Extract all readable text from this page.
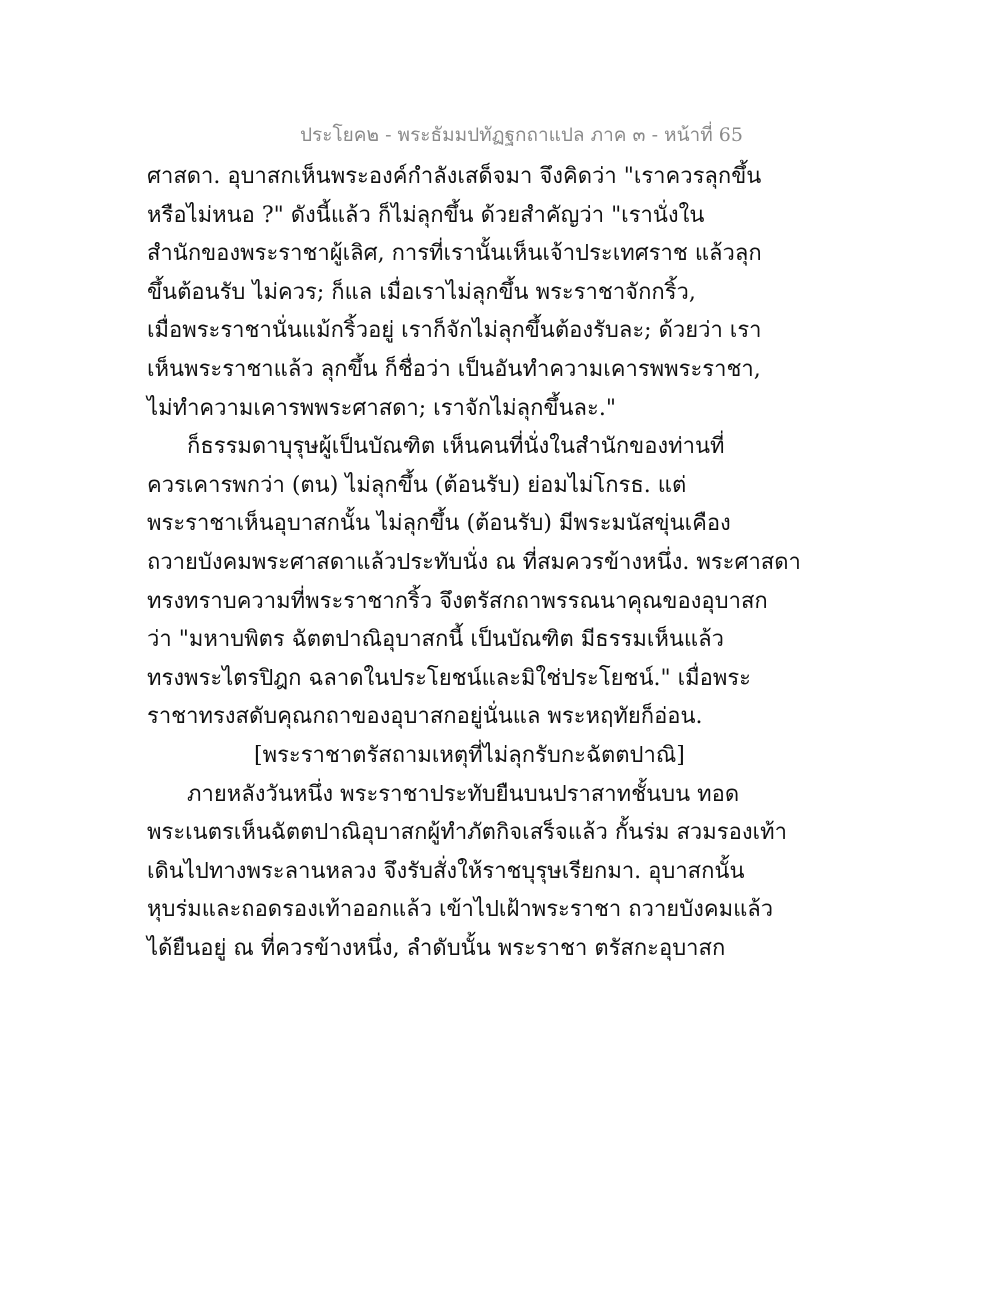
ประโยค๒ - พระธัมมปทัฏฐกถาแปล ภาค ๓ - หน้าที่ 65
ศาสดา. อุบาสกเห็นพระองค์กำลังเสด็จมา จึงคิดว่า "เราควรลุกขึ้น
หรือไม่หนอ ?" ดังนี้แล้ว ก็ไม่ลุกขึ้น ด้วยสำคัญว่า "เรานั่งใน
สำนักของพระราชาผู้เลิศ, การที่เรานั้นเห็นเจ้าประเทศราช แล้วลุก
ขึ้นต้อนรับ ไม่ควร; ก็แล เมื่อเราไม่ลุกขึ้น พระราชาจักกริ้ว,
เมื่อพระราชานั่นแม้กริ้วอยู่ เราก็จักไม่ลุกขึ้นต้องรับละ; ด้วยว่า เรา
เห็นพระราชาแล้ว ลุกขึ้น ก็ชื่อว่า เป็นอันทำความเคารพพระราชา,
ไม่ทำความเคารพพระศาสดา; เราจักไม่ลุกขึ้นละ."
ก็ธรรมดาบุรุษผู้เป็นบัณฑิต เห็นคนที่นั่งในสำนักของท่านที่
ควรเคารพกว่า (ตน) ไม่ลุกขึ้น (ต้อนรับ) ย่อมไม่โกรธ. แต่
พระราชาเห็นอุบาสกนั้น ไม่ลุกขึ้น (ต้อนรับ) มีพระมนัสขุ่นเคือง
ถวายบังคมพระศาสดาแล้วประทับนั่ง ณ ที่สมควรข้างหนึ่ง. พระศาสดา
ทรงทราบความที่พระราชากริ้ว จึงตรัสกถาพรรณนาคุณของอุบาสก
ว่า "มหาบพิตร ฉัตตปาณิอุบาสกนี้ เป็นบัณฑิต มีธรรมเห็นแล้ว
ทรงพระไตรปิฎก ฉลาดในประโยชน์และมิใช่ประโยชน์." เมื่อพระ
ราชาทรงสดับคุณกถาของอุบาสกอยู่นั่นแล พระหฤทัยก็อ่อน.
[พระราชาตรัสถามเหตุที่ไม่ลุกรับกะฉัตตปาณิ]
ภายหลังวันหนึ่ง พระราชาประทับยืนบนปราสาทชั้นบน ทอด
พระเนตรเห็นฉัตตปาณิอุบาสกผู้ทำภัตกิจเสร็จแล้ว กั้นร่ม สวมรองเท้า
เดินไปทางพระลานหลวง จึงรับสั่งให้ราชบุรุษเรียกมา. อุบาสกนั้น
หุบร่มและถอดรองเท้าออกแล้ว เข้าไปเฝ้าพระราชา ถวายบังคมแล้ว
ได้ยืนอยู่ ณ ที่ควรข้างหนึ่ง, ลำดับนั้น พระราชา ตรัสกะอุบาสก
